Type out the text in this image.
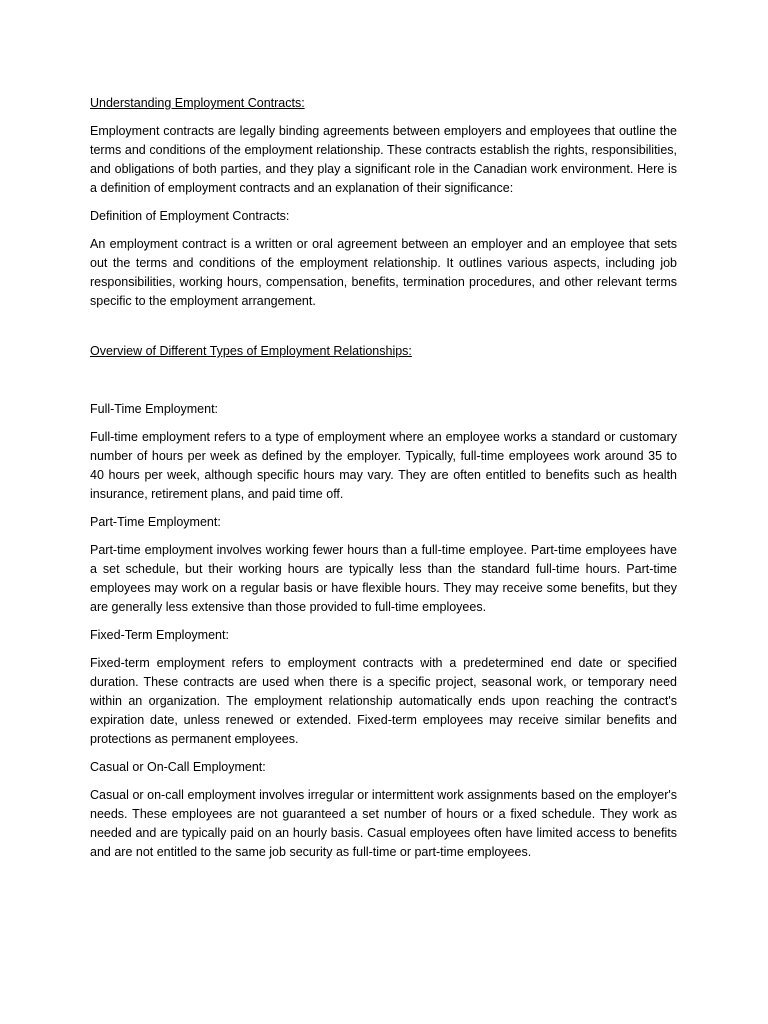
Understanding Employment Contracts:

Employment contracts are legally binding agreements between employers and employees that outline the terms and conditions of the employment relationship. These contracts establish the rights, responsibilities, and obligations of both parties, and they play a significant role in the Canadian work environment. Here is a definition of employment contracts and an explanation of their significance:

Definition of Employment Contracts:

An employment contract is a written or oral agreement between an employer and an employee that sets out the terms and conditions of the employment relationship. It outlines various aspects, including job responsibilities, working hours, compensation, benefits, termination procedures, and other relevant terms specific to the employment arrangement.

Overview of Different Types of Employment Relationships:

Full-Time Employment:

Full-time employment refers to a type of employment where an employee works a standard or customary number of hours per week as defined by the employer. Typically, full-time employees work around 35 to 40 hours per week, although specific hours may vary. They are often entitled to benefits such as health insurance, retirement plans, and paid time off.

Part-Time Employment:

Part-time employment involves working fewer hours than a full-time employee. Part-time employees have a set schedule, but their working hours are typically less than the standard full-time hours. Part-time employees may work on a regular basis or have flexible hours. They may receive some benefits, but they are generally less extensive than those provided to full-time employees.

Fixed-Term Employment:

Fixed-term employment refers to employment contracts with a predetermined end date or specified duration. These contracts are used when there is a specific project, seasonal work, or temporary need within an organization. The employment relationship automatically ends upon reaching the contract's expiration date, unless renewed or extended. Fixed-term employees may receive similar benefits and protections as permanent employees.

Casual or On-Call Employment:

Casual or on-call employment involves irregular or intermittent work assignments based on the employer's needs. These employees are not guaranteed a set number of hours or a fixed schedule. They work as needed and are typically paid on an hourly basis. Casual employees often have limited access to benefits and are not entitled to the same job security as full-time or part-time employees.
